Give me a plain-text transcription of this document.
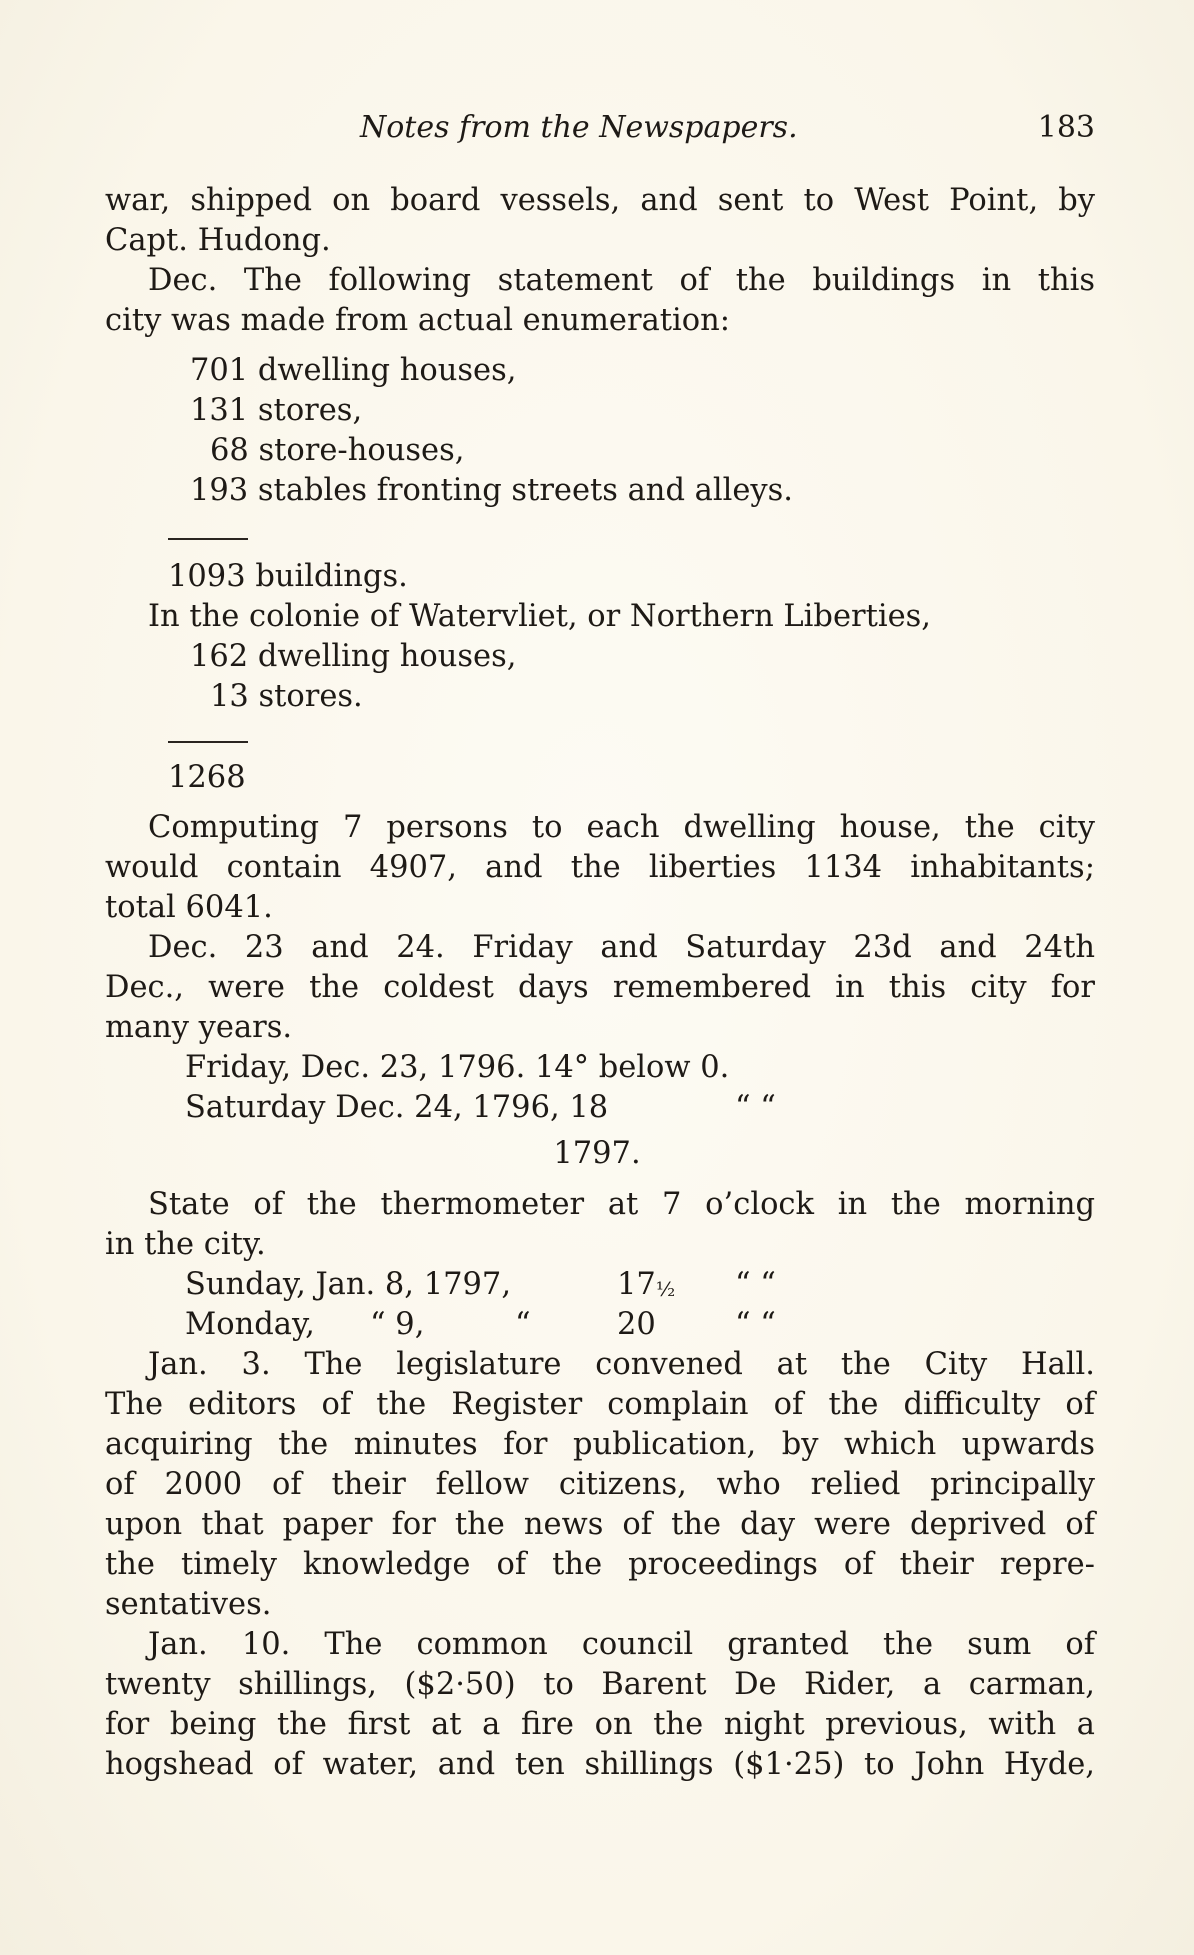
Notes from the Newspapers.	183
war, shipped on board vessels, and sent to West Point, by
Capt. Hudong.
Dec. The following statement of the buildings in this
city was made from actual enumeration:
701 dwelling houses,
131 stores,
68 store-houses,
193 stables fronting streets and alleys.
1093 buildings.
In the colonie of Watervliet, or Northern Liberties,
162 dwelling houses,
13 stores.
1268
Computing 7 persons to each dwelling house, the city
would contain 4907, and the liberties 1134 inhabitants;
total 6041.
Dec. 23 and 24. Friday and Saturday 23d and 24th
Dec., were the coldest days remembered in this city for
many years.
Friday, Dec. 23, 1796. 14° below 0.
Saturday Dec. 24, 1796, 18	“ “
1797.
State of the thermometer at 7 o’clock in the morning
in the city.
Sunday, Jan. 8, 1797,	17½ “ “
Monday, “ 9,	“	20	“ “
Jan. 3. The legislature convened at the City Hall.
The editors of the Register complain of the difficulty of
acquiring the minutes for publication, by which upwards
of 2000 of their fellow citizens, who relied principally
upon that paper for the news of the day were deprived of
the timely knowledge of the proceedings of their repre-
sentatives.
Jan. 10. The common council granted the sum of
twenty shillings, ($2·50) to Barent De Rider, a carman,
for being the first at a fire on the night previous, with a
hogshead of water, and ten shillings ($1·25) to John Hyde,
